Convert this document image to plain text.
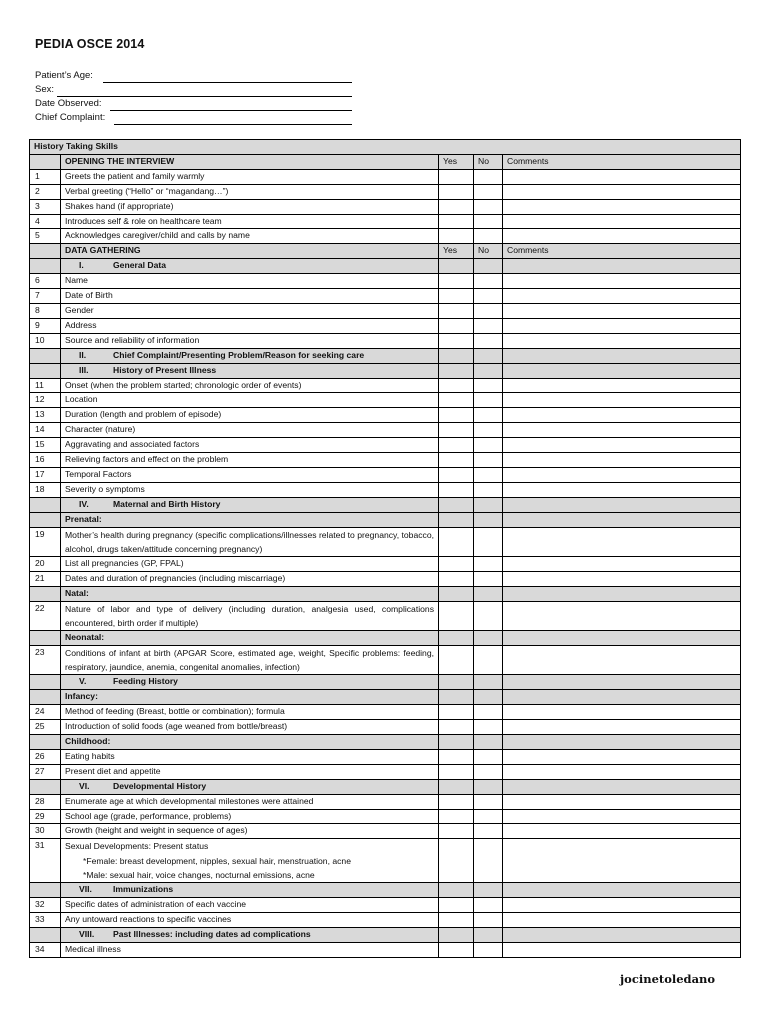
PEDIA OSCE 2014
Patient’s Age:
Sex:
Date Observed:
Chief Complaint:
History Taking Skills				
	OPENING THE INTERVIEW	Yes	No	Comments
1	Greets the patient and family warmly			
2	Verbal greeting (“Hello” or “magandang…”)			
3	Shakes hand (if appropriate)			
4	Introduces self & role on healthcare team			
5	Acknowledges caregiver/child and calls by name			
	DATA GATHERING	Yes	No	Comments
	I. General Data			
6	Name			
7	Date of Birth			
8	Gender			
9	Address			
10	Source and reliability of information			
	II. Chief Complaint/Presenting Problem/Reason for seeking care			
	III. History of Present Illness			
11	Onset (when the problem started; chronologic order of events)			
12	Location			
13	Duration (length and problem of episode)			
14	Character (nature)			
15	Aggravating and associated factors			
16	Relieving factors and effect on the problem			
17	Temporal Factors			
18	Severity o symptoms			
	IV. Maternal and Birth History			
	Prenatal:			
19	Mother’s health during pregnancy (specific complications/illnesses related to pregnancy, tobacco, alcohol, drugs taken/attitude concerning pregnancy)			
20	List all pregnancies (GP, FPAL)			
21	Dates and duration of pregnancies (including miscarriage)			
	Natal:			
22	Nature of labor and type of delivery (including duration, analgesia used, complications encountered, birth order if multiple)			
	Neonatal:			
23	Conditions of infant at birth (APGAR Score, estimated age, weight, Specific problems: feeding, respiratory, jaundice, anemia, congenital anomalies, infection)			
	V. Feeding History			
	Infancy:			
24	Method of feeding (Breast, bottle or combination); formula			
25	Introduction of solid foods (age weaned from bottle/breast)			
	Childhood:			
26	Eating habits			
27	Present diet and appetite			
	VI. Developmental History			
28	Enumerate age at which developmental milestones were attained			
29	School age (grade, performance, problems)			
30	Growth (height and weight in sequence of ages)			
31	Sexual Developments: Present status
*Female: breast development, nipples, sexual hair, menstruation, acne
*Male: sexual hair, voice changes, nocturnal emissions, acne			

	VII. Immunizations			
32	Specific dates of administration of each vaccine			
33	Any untoward reactions to specific vaccines			
	VIII. Past Illnesses: including dates ad complications			
34	Medical illness			
jocinetoledano
